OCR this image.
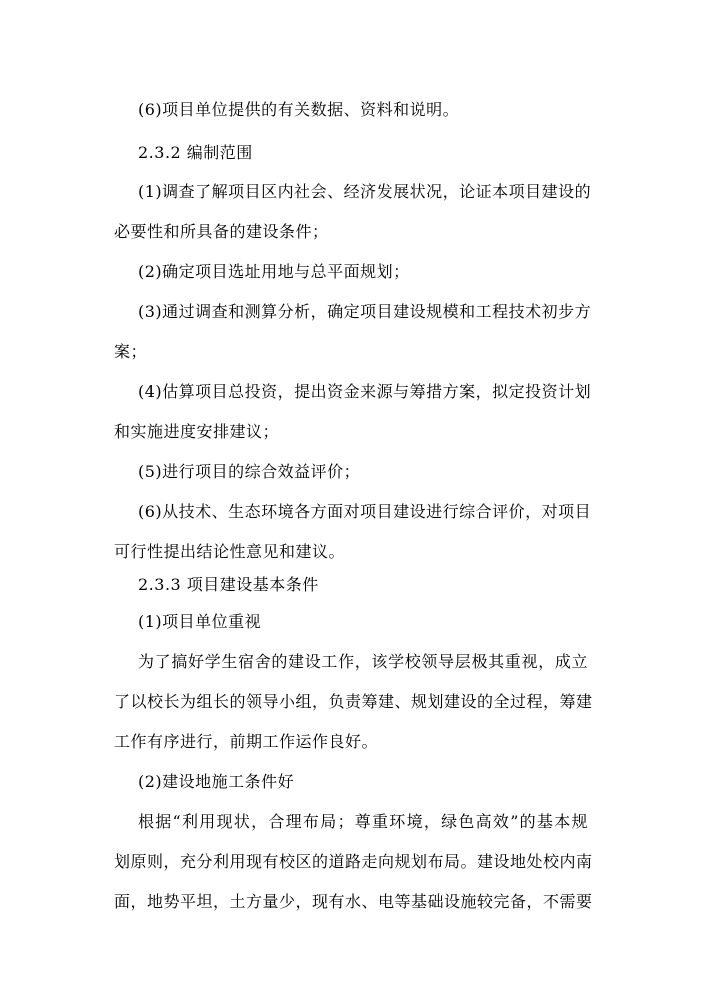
(6)项目单位提供的有关数据、资料和说明。
2.3.2 编制范围
(1)调查了解项目区内社会、经济发展状况，论证本项目建设的
必要性和所具备的建设条件；
(2)确定项目选址用地与总平面规划；
(3)通过调查和测算分析，确定项目建设规模和工程技术初步方
案；
(4)估算项目总投资，提出资金来源与筹措方案，拟定投资计划
和实施进度安排建议；
(5)进行项目的综合效益评价；
(6)从技术、生态环境各方面对项目建设进行综合评价，对项目
可行性提出结论性意见和建议。
2.3.3 项目建设基本条件
(1)项目单位重视
为了搞好学生宿舍的建设工作，该学校领导层极其重视，成立
了以校长为组长的领导小组，负责筹建、规划建设的全过程，筹建
工作有序进行，前期工作运作良好。
(2)建设地施工条件好
根据“利用现状，合理布局；尊重环境，绿色高效”的基本规
划原则，充分利用现有校区的道路走向规划布局。建设地处校内南
面，地势平坦，土方量少，现有水、电等基础设施较完备，不需要
